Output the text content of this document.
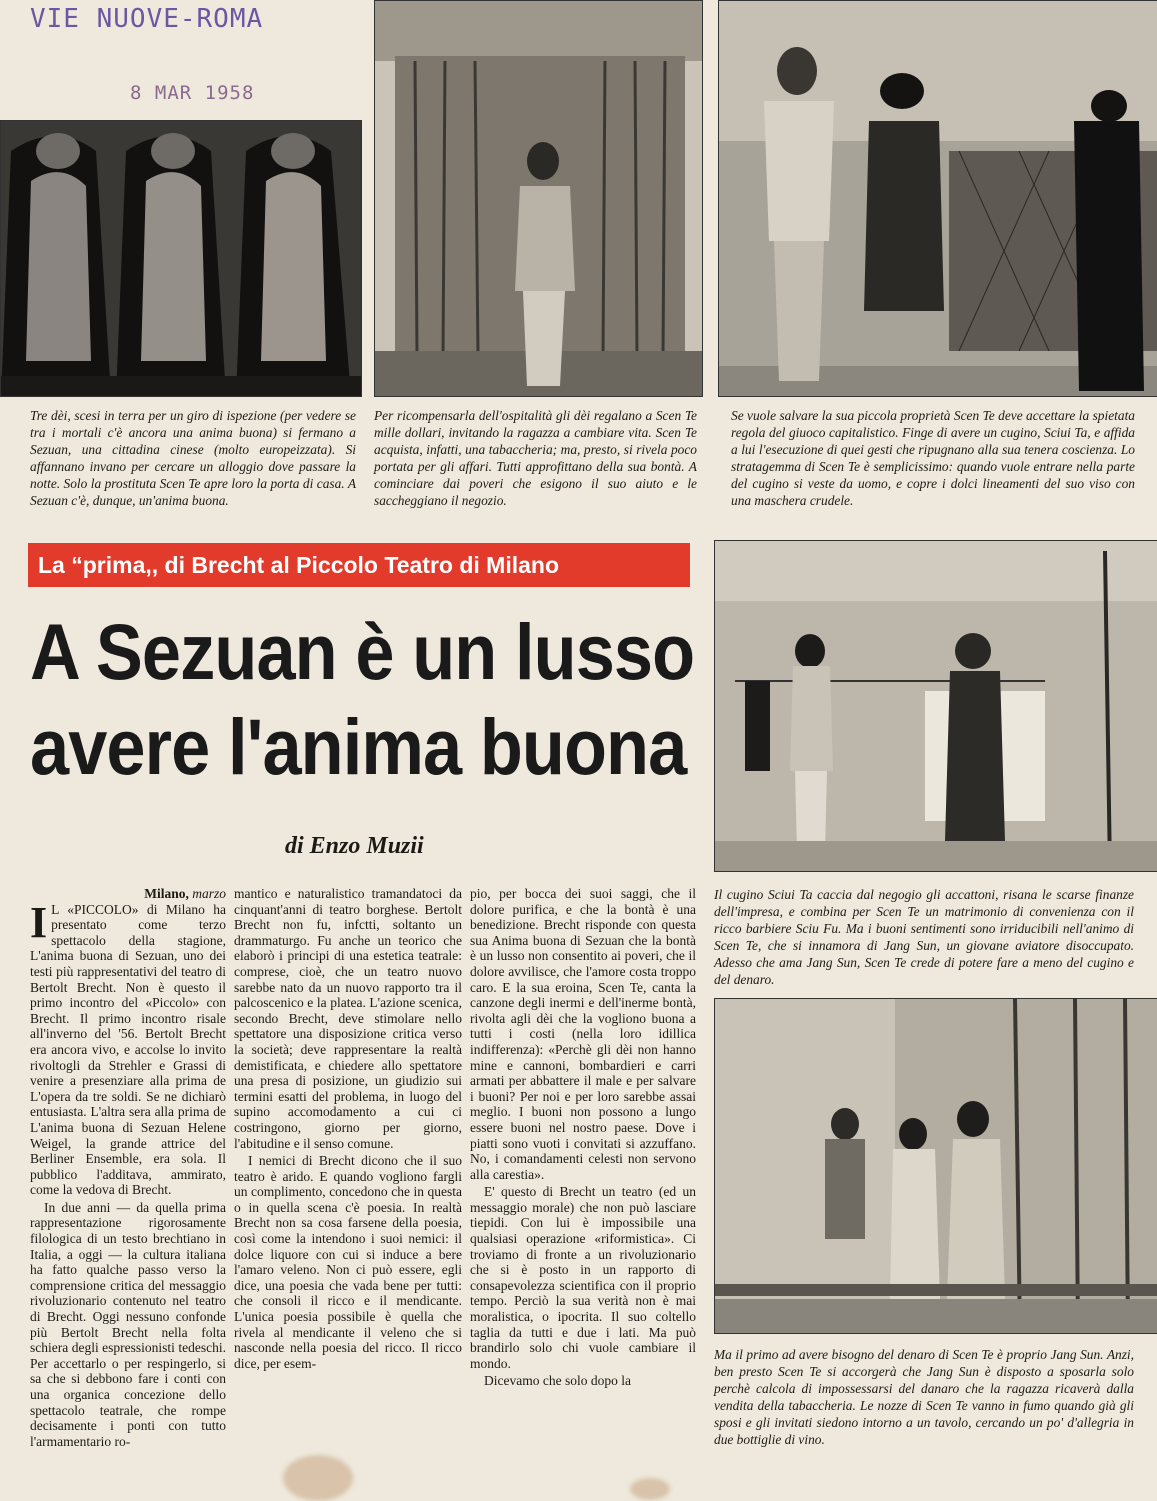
VIE NUOVE-ROMA
8 MAR 1958
Tre dèi, scesi in terra per un giro di ispezione (per vedere se tra i mortali c'è ancora una anima buona) si fermano a Sezuan, una cittadina cinese (molto europeizzata). Si affannano invano per cercare un alloggio dove passare la notte. Solo la prostituta Scen Te apre loro la porta di casa. A Sezuan c'è, dunque, un'anima buona.
Per ricompensarla dell'ospitalità gli dèi regalano a Scen Te mille dollari, invitando la ragazza a cambiare vita. Scen Te acquista, infatti, una tabaccheria; ma, presto, si rivela poco portata per gli affari. Tutti approfittano della sua bontà. A cominciare dai poveri che esigono il suo aiuto e le saccheggiano il negozio.
Se vuole salvare la sua piccola proprietà Scen Te deve accettare la spietata regola del giuoco capitalistico. Finge di avere un cugino, Sciui Ta, e affida a lui l'esecuzione di quei gesti che ripugnano alla sua tenera coscienza. Lo stratagemma di Scen Te è semplicissimo: quando vuole entrare nella parte del cugino si veste da uomo, e copre i dolci lineamenti del suo viso con una maschera crudele.
La “prima,, di Brecht al Piccolo Teatro di Milano
A Sezuan è un lusso
avere l'anima buona
di Enzo Muzii
Il cugino Sciui Ta caccia dal negogio gli accattoni, risana le scarse finanze dell'impresa, e combina per Scen Te un matrimonio di convenienza con il ricco barbiere Sciu Fu. Ma i buoni sentimenti sono irriducibili nell'animo di Scen Te, che si innamora di Jang Sun, un giovane aviatore disoccupato. Adesso che ama Jang Sun, Scen Te crede di potere fare a meno del cugino e del denaro.
Ma il primo ad avere bisogno del denaro di Scen Te è proprio Jang Sun. Anzi, ben presto Scen Te si accorgerà che Jang Sun è disposto a sposarla solo perchè calcola di impossessarsi del danaro che la ragazza ricaverà dalla vendita della tabaccheria. Le nozze di Scen Te vanno in fumo quando già gli sposi e gli invitati siedono intorno a un tavolo, cercando un po' d'allegria in due bottiglie di vino.

Milano, marzo

I L «PICCOLO» di Milano ha presentato come terzo spettacolo della stagione, L'anima buona di Sezuan, uno dei testi più rappresentativi del teatro di Bertolt Brecht. Non è questo il primo incontro del «Piccolo» con Brecht. Il primo incontro risale all'inverno del '56. Bertolt Brecht era ancora vivo, e accolse lo invito rivoltogli da Strehler e Grassi di venire a presenziare alla prima de L'opera da tre soldi. Se ne dichiarò entusiasta. L'altra sera alla prima de L'anima buona di Sezuan Helene Weigel, la grande attrice del Berliner Ensemble, era sola. Il pubblico l'additava, ammirato, come la vedova di Brecht.

In due anni — da quella prima rappresentazione rigorosamente filologica di un testo brechtiano in Italia, a oggi — la cultura italiana ha fatto qualche passo verso la comprensione critica del messaggio rivoluzionario contenuto nel teatro di Brecht. Oggi nessuno confonde più Bertolt Brecht nella folta schiera degli espressionisti tedeschi. Per accettarlo o per respingerlo, si sa che si debbono fare i conti con una organica concezione dello spettacolo teatrale, che rompe decisamente i ponti con tutto l'armamentario ro-

mantico e naturalistico tramandatoci da cinquant'anni di teatro borghese. Bertolt Brecht non fu, infctti, soltanto un drammaturgo. Fu anche un teorico che elaborò i principi di una estetica teatrale: comprese, cioè, che un teatro nuovo sarebbe nato da un nuovo rapporto tra il palcoscenico e la platea. L'azione scenica, secondo Brecht, deve stimolare nello spettatore una disposizione critica verso la società; deve rappresentare la realtà demistificata, e chiedere allo spettatore una presa di posizione, un giudizio sui termini esatti del problema, in luogo del supino accomodamento a cui ci costringono, giorno per giorno, l'abitudine e il senso comune.

I nemici di Brecht dicono che il suo teatro è arido. E quando vogliono fargli un complimento, concedono che in questa o in quella scena c'è poesia. In realtà Brecht non sa cosa farsene della poesia, così come la intendono i suoi nemici: il dolce liquore con cui si induce a bere l'amaro veleno. Non ci può essere, egli dice, una poesia che vada bene per tutti: che consoli il ricco e il mendicante. L'unica poesia possibile è quella che rivela al mendicante il veleno che si nasconde nella poesia del ricco. Il ricco dice, per esem-

pio, per bocca dei suoi saggi, che il dolore purifica, e che la bontà è una benedizione. Brecht risponde con questa sua Anima buona di Sezuan che la bontà è un lusso non consentito ai poveri, che il dolore avvilisce, che l'amore costa troppo caro. E la sua eroina, Scen Te, canta la canzone degli inermi e dell'inerme bontà, rivolta agli dèi che la vogliono buona a tutti i costi (nella loro idillica indifferenza): «Perchè gli dèi non hanno mine e cannoni, bombardieri e carri armati per abbattere il male e per salvare i buoni? Per noi e per loro sarebbe assai meglio. I buoni non possono a lungo essere buoni nel nostro paese. Dove i piatti sono vuoti i convitati si azzuffano. No, i comandamenti celesti non servono alla carestia».

E' questo di Brecht un teatro (ed un messaggio morale) che non può lasciare tiepidi. Con lui è impossibile una qualsiasi operazione «riformistica». Ci troviamo di fronte a un rivoluzionario che si è posto in un rapporto di consapevolezza scientifica con il proprio tempo. Perciò la sua verità non è mai moralistica, o ipocrita. Il suo coltello taglia da tutti e due i lati. Ma può brandirlo solo chi vuole cambiare il mondo.

Dicevamo che solo dopo la
